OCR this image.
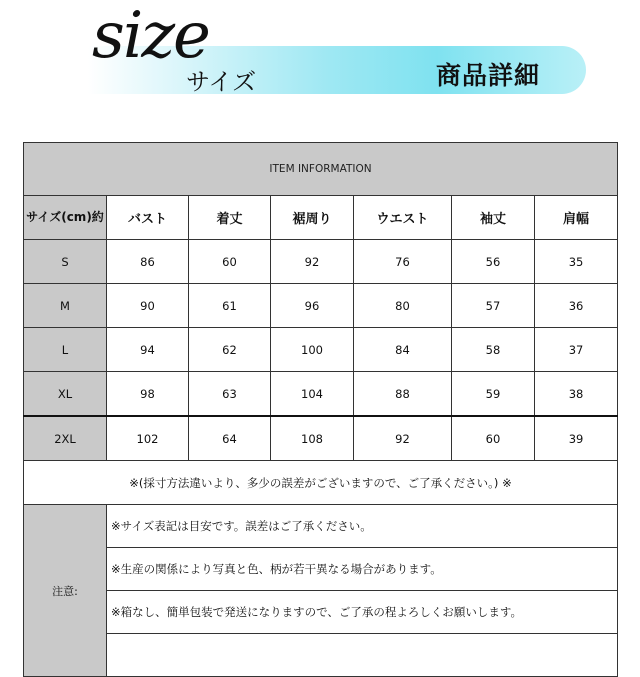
size
サイズ	商品詳細
ITEM INFORMATION						
サイズ(cm)約	バスト	着丈	裾周り	ウエスト	袖丈	肩幅
S	86	60	92	76	56	35
M	90	61	96	80	57	36
L	94	62	100	84	58	37
XL	98	63	104	88	59	38
2XL	102	64	108	92	60	39
※(採寸方法違いより、多少の誤差がございますので、ご了承ください。) ※						
注意:	※サイズ表記は目安です。誤差はご了承ください。					
	※生産の関係により写真と色、柄が若干異なる場合があります。					
	※箱なし、簡単包装で発送になりますので、ご了承の程よろしくお願いします。					
